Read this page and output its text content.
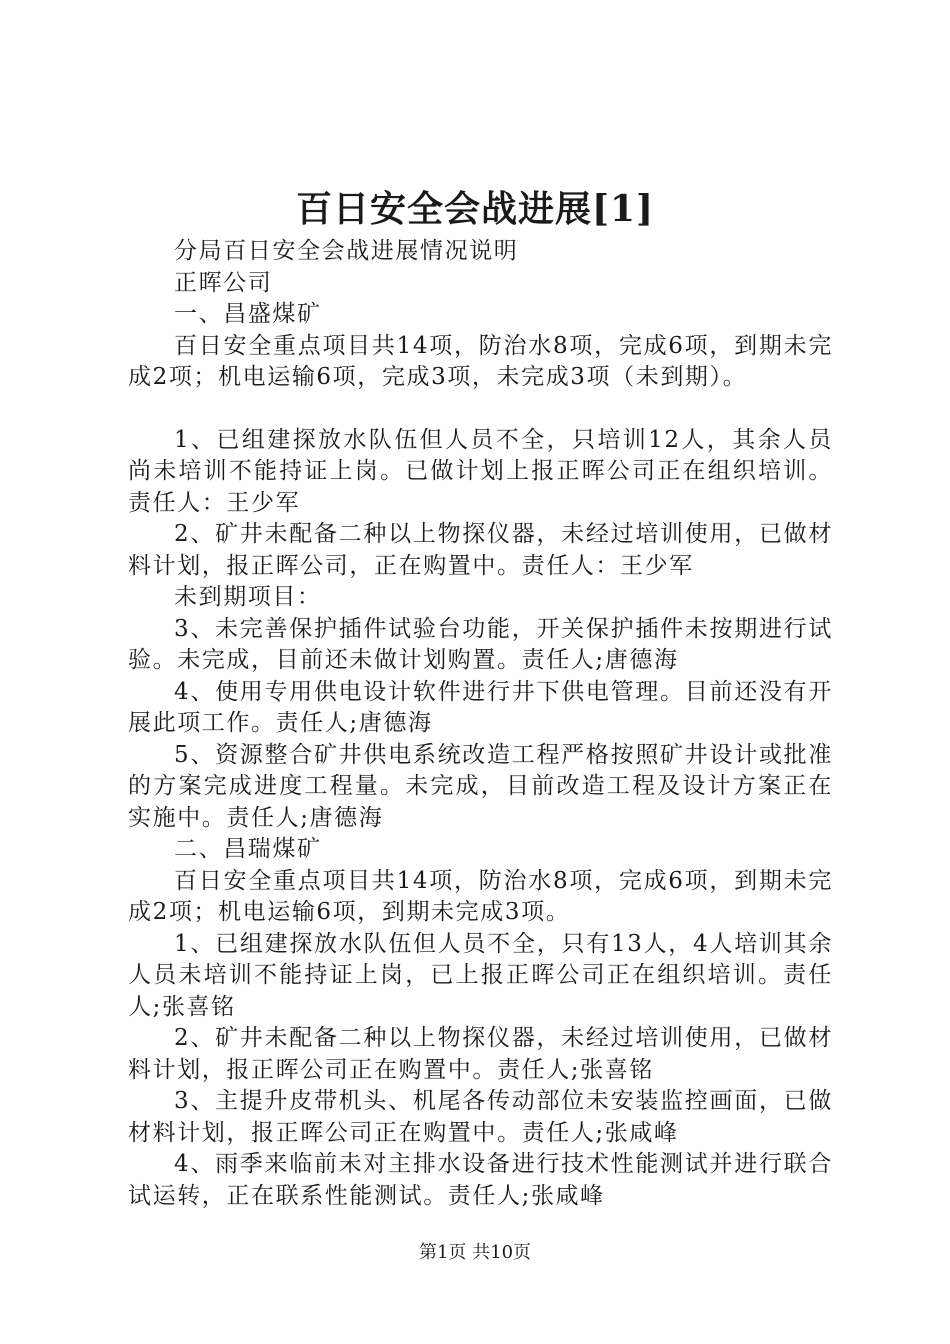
百日安全会战进展[1]

分局百日安全会战进展情况说明

正晖公司

一、昌盛煤矿

百日安全重点项目共14项，防治水8项，完成6项，到期未完成2项；机电运输6项，完成3项，未完成3项（未到期）。

1、已组建探放水队伍但人员不全，只培训12人，其余人员尚未培训不能持证上岗。已做计划上报正晖公司正在组织培训。责任人：王少军

2、矿井未配备二种以上物探仪器，未经过培训使用，已做材料计划，报正晖公司，正在购置中。责任人：王少军

未到期项目：

3、未完善保护插件试验台功能，开关保护插件未按期进行试验。未完成，目前还未做计划购置。责任人;唐德海

4、使用专用供电设计软件进行井下供电管理。目前还没有开展此项工作。责任人;唐德海

5、资源整合矿井供电系统改造工程严格按照矿井设计或批准的方案完成进度工程量。未完成，目前改造工程及设计方案正在实施中。责任人;唐德海

二、昌瑞煤矿

百日安全重点项目共14项，防治水8项，完成6项，到期未完成2项；机电运输6项，到期未完成3项。

1、已组建探放水队伍但人员不全，只有13人，4人培训其余人员未培训不能持证上岗，已上报正晖公司正在组织培训。责任人;张喜铭

2、矿井未配备二种以上物探仪器，未经过培训使用，已做材料计划，报正晖公司正在购置中。责任人;张喜铭

3、主提升皮带机头、机尾各传动部位未安装监控画面，已做材料计划，报正晖公司正在购置中。责任人;张咸峰

4、雨季来临前未对主排水设备进行技术性能测试并进行联合试运转，正在联系性能测试。责任人;张咸峰

第1页 共10页
